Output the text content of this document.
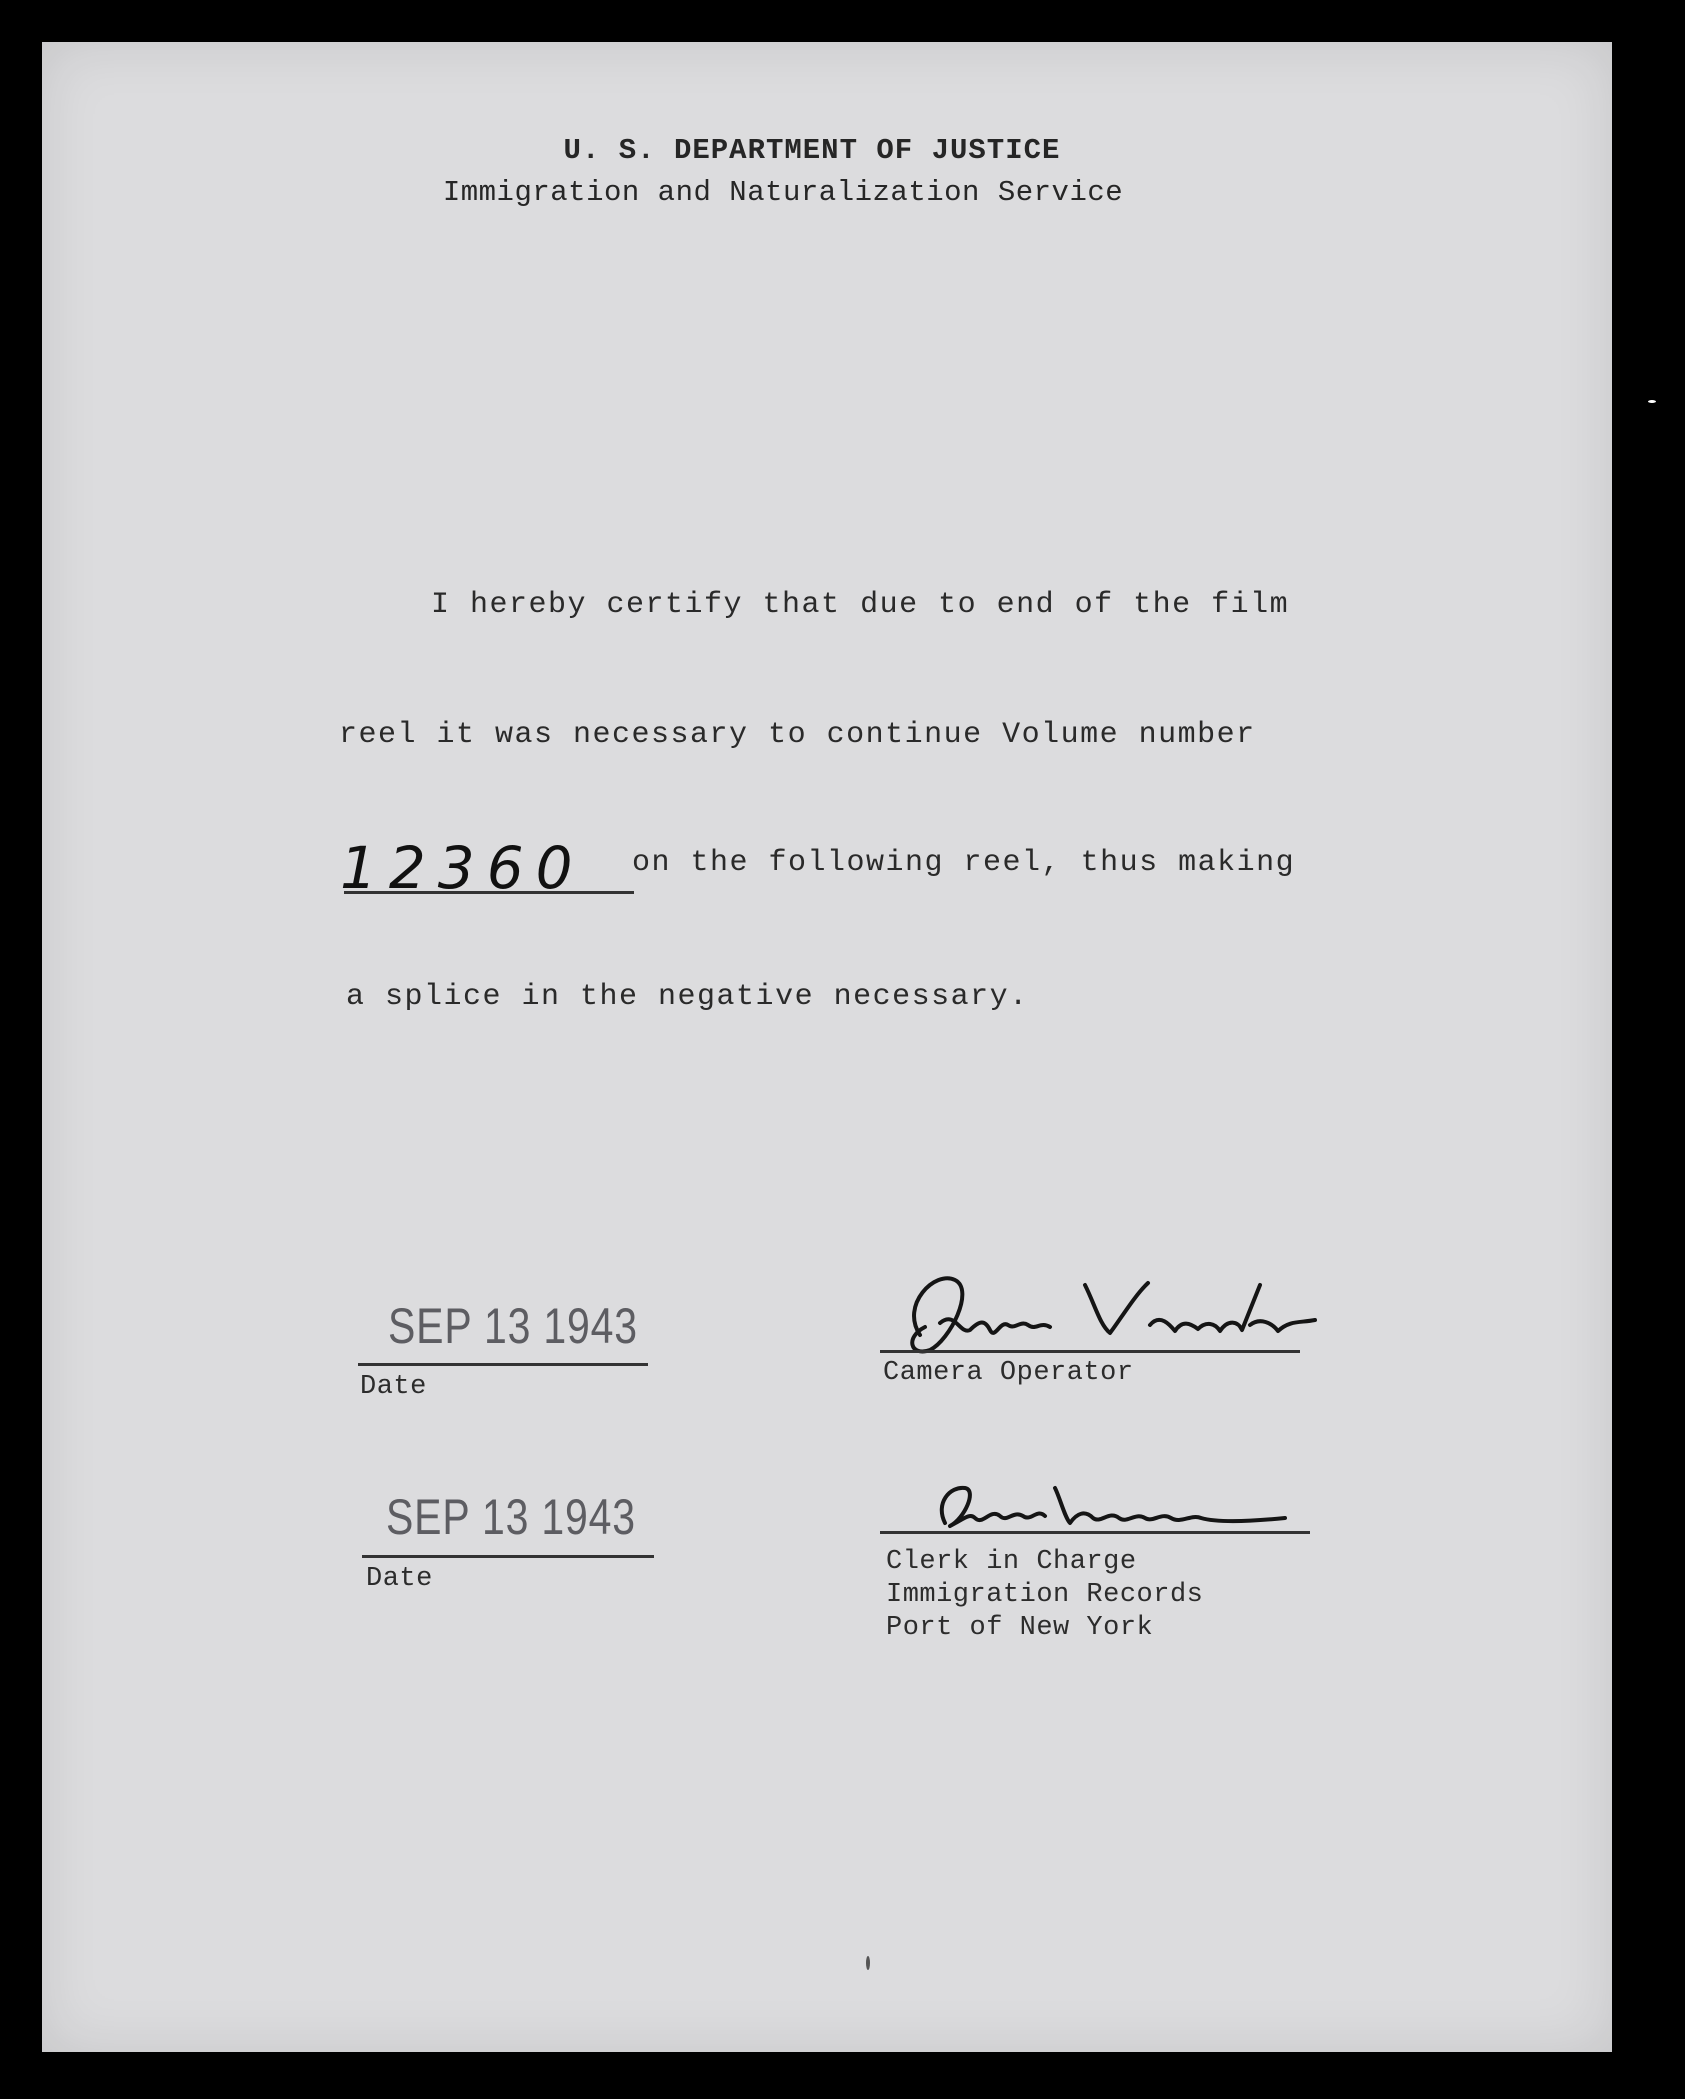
U. S. DEPARTMENT OF JUSTICE
Immigration and Naturalization Service
I hereby certify that due to end of the film
reel it was necessary to continue Volume number
12360 on the following reel, thus making
a splice in the negative necessary.
SEP 13 1943
Date
SEP 13 1943
Date
Camera Operator
Clerk in Charge
Immigration Records
Port of New York
